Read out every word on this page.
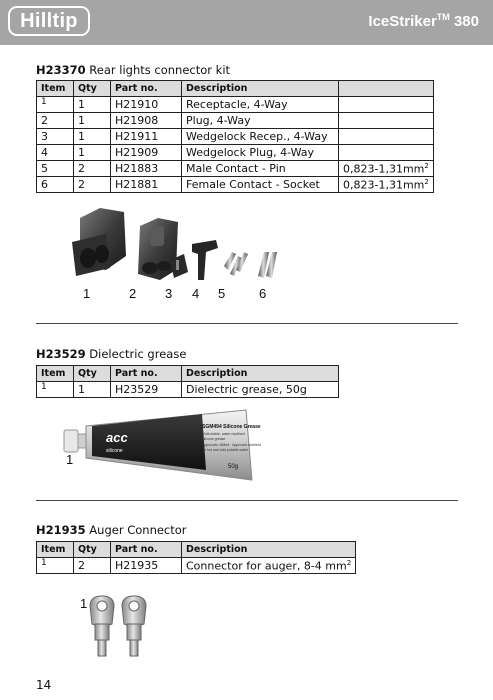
Hilltip	IceStriker™ 380
H23370 Rear lights connector kit
Item	Qty	Part no.	Description	
1	1	H21910	Receptacle, 4-Way	
2	1	H21908	Plug, 4-Way	
3	1	H21911	Wedgelock Recep., 4-Way	
4	1	H21909	Wedgelock Plug, 4-Way	
5	2	H21883	Male Contact - Pin	$0,823-1,31mm^2$
6	2	H21881	Female Contact - Socket	$0,823-1,31mm^2$
1	2 3 4 5	6
H23529 Dielectric grease
Item	Qty	Part no.	Description
1	1	H23529	Dielectric grease, 50g
acc
silicone
SGM494 Silicone Grease
Multi-stable, water repellant
silicone grease
Approvals: MMed · Approved Ambient
for hot and cold potable water
50g
1
H21935 Auger Connector
Item	Qty	Part no.	Description
1	2	H21935	Connector for auger, 8-4 $mm^2$
1
14
